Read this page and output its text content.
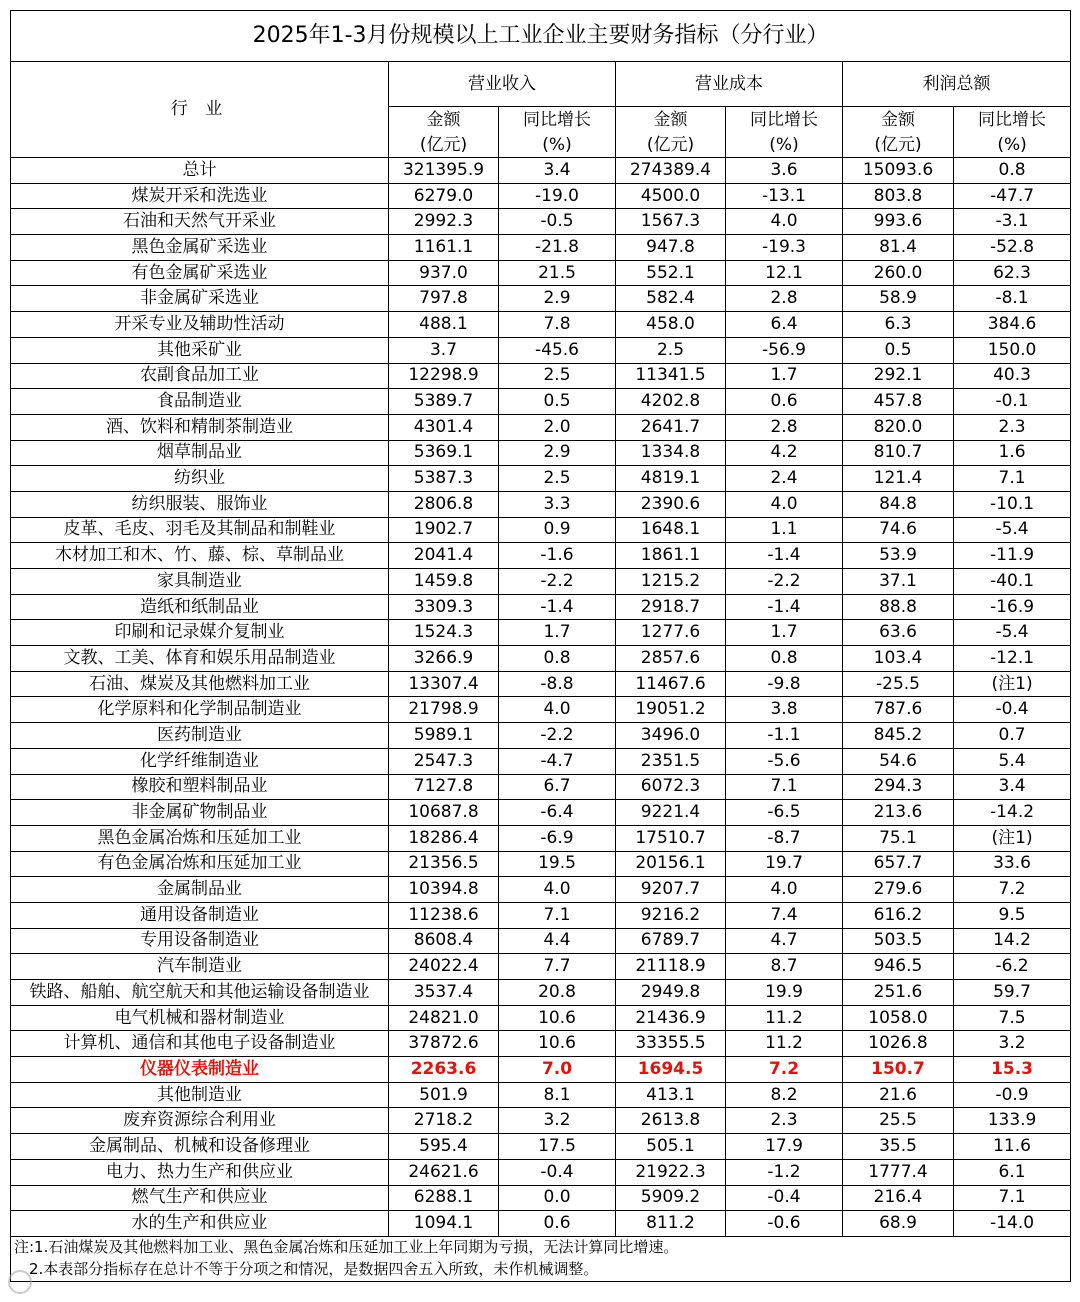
2025年1-3月份规模以上工业企业主要财务指标（分行业）						
行 业	营业收入		营业成本		利润总额	
	金额	同比增长	金额	同比增长	金额	同比增长
	(亿元)	(%)	(亿元)	(%)	(亿元)	(%)
总计	321395.9	3.4	274389.4	3.6	15093.6	0.8
煤炭开采和洗选业	6279.0	-19.0	4500.0	-13.1	803.8	-47.7
石油和天然气开采业	2992.3	-0.5	1567.3	4.0	993.6	-3.1
黑色金属矿采选业	1161.1	-21.8	947.8	-19.3	81.4	-52.8
有色金属矿采选业	937.0	21.5	552.1	12.1	260.0	62.3
非金属矿采选业	797.8	2.9	582.4	2.8	58.9	-8.1
开采专业及辅助性活动	488.1	7.8	458.0	6.4	6.3	384.6
其他采矿业	3.7	-45.6	2.5	-56.9	0.5	150.0
农副食品加工业	12298.9	2.5	11341.5	1.7	292.1	40.3
食品制造业	5389.7	0.5	4202.8	0.6	457.8	-0.1
酒、饮料和精制茶制造业	4301.4	2.0	2641.7	2.8	820.0	2.3
烟草制品业	5369.1	2.9	1334.8	4.2	810.7	1.6
纺织业	5387.3	2.5	4819.1	2.4	121.4	7.1
纺织服装、服饰业	2806.8	3.3	2390.6	4.0	84.8	-10.1
皮革、毛皮、羽毛及其制品和制鞋业	1902.7	0.9	1648.1	1.1	74.6	-5.4
木材加工和木、竹、藤、棕、草制品业	2041.4	-1.6	1861.1	-1.4	53.9	-11.9
家具制造业	1459.8	-2.2	1215.2	-2.2	37.1	-40.1
造纸和纸制品业	3309.3	-1.4	2918.7	-1.4	88.8	-16.9
印刷和记录媒介复制业	1524.3	1.7	1277.6	1.7	63.6	-5.4
文教、工美、体育和娱乐用品制造业	3266.9	0.8	2857.6	0.8	103.4	-12.1
石油、煤炭及其他燃料加工业	13307.4	-8.8	11467.6	-9.8	-25.5	(注1)
化学原料和化学制品制造业	21798.9	4.0	19051.2	3.8	787.6	-0.4
医药制造业	5989.1	-2.2	3496.0	-1.1	845.2	0.7
化学纤维制造业	2547.3	-4.7	2351.5	-5.6	54.6	5.4
橡胶和塑料制品业	7127.8	6.7	6072.3	7.1	294.3	3.4
非金属矿物制品业	10687.8	-6.4	9221.4	-6.5	213.6	-14.2
黑色金属冶炼和压延加工业	18286.4	-6.9	17510.7	-8.7	75.1	(注1)
有色金属冶炼和压延加工业	21356.5	19.5	20156.1	19.7	657.7	33.6
金属制品业	10394.8	4.0	9207.7	4.0	279.6	7.2
通用设备制造业	11238.6	7.1	9216.2	7.4	616.2	9.5
专用设备制造业	8608.4	4.4	6789.7	4.7	503.5	14.2
汽车制造业	24022.4	7.7	21118.9	8.7	946.5	-6.2
铁路、船舶、航空航天和其他运输设备制造业	3537.4	20.8	2949.8	19.9	251.6	59.7
电气机械和器材制造业	24821.0	10.6	21436.9	11.2	1058.0	7.5
计算机、通信和其他电子设备制造业	37872.6	10.6	33355.5	11.2	1026.8	3.2
仪器仪表制造业	2263.6	7.0	1694.5	7.2	150.7	15.3
其他制造业	501.9	8.1	413.1	8.2	21.6	-0.9
废弃资源综合利用业	2718.2	3.2	2613.8	2.3	25.5	133.9
金属制品、机械和设备修理业	595.4	17.5	505.1	17.9	35.5	11.6
电力、热力生产和供应业	24621.6	-0.4	21922.3	-1.2	1777.4	6.1
燃气生产和供应业	6288.1	0.0	5909.2	-0.4	216.4	7.1
水的生产和供应业	1094.1	0.6	811.2	-0.6	68.9	-14.0
注:1.石油煤炭及其他燃料加工业、黑色金属冶炼和压延加工业上年同期为亏损，无法计算同比增速。						
2.本表部分指标存在总计不等于分项之和情况，是数据四舍五入所致，未作机械调整。						
